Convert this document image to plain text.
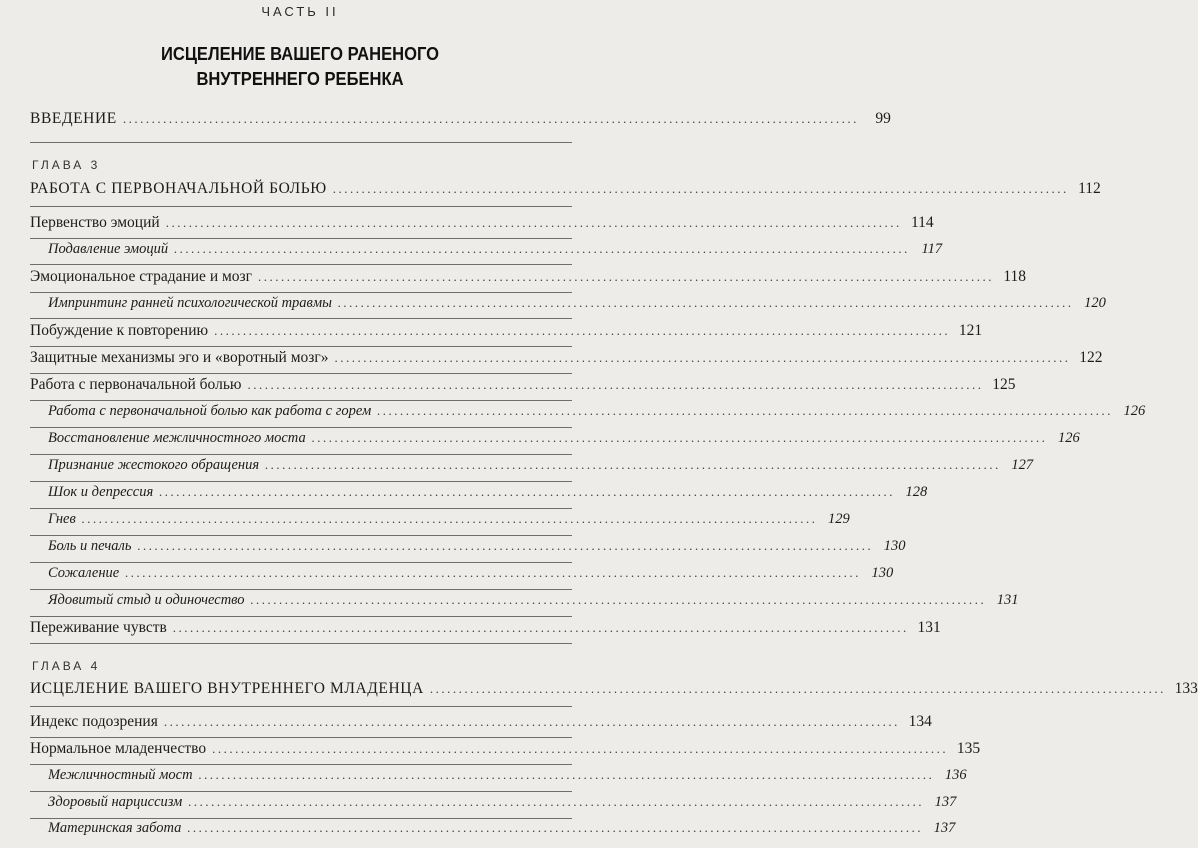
ЧАСТЬ II
ИСЦЕЛЕНИЕ ВАШЕГО РАНЕНОГО
ВНУТРЕННЕГО РЕБЕНКА
ВВЕДЕНИЕ ................................................................................................................................	99
ГЛАВА 3
РАБОТА С ПЕРВОНАЧАЛЬНОЙ БОЛЬЮ ................................................................................................................................ 112
Первенство эмоций ................................................................................................................................ 114
Подавление эмоций ................................................................................................................................ 117
Эмоциональное страдание и мозг ................................................................................................................................ 118
Импринтинг ранней психологической травмы ................................................................................................................................ 120
Побуждение к повторению ................................................................................................................................ 121
Защитные механизмы эго и «воротный мозг» ................................................................................................................................ 122
Работа с первоначальной болью ................................................................................................................................ 125
Работа с первоначальной болью как работа с горем ................................................................................................................................ 126
Восстановление межличностного моста ................................................................................................................................ 126
Признание жестокого обращения ................................................................................................................................ 127
Шок и депрессия ................................................................................................................................ 128
Гнев ................................................................................................................................ 129
Боль и печаль ................................................................................................................................ 130
Сожаление ................................................................................................................................ 130
Ядовитый стыд и одиночество ................................................................................................................................ 131
Переживание чувств ................................................................................................................................ 131
ГЛАВА 4
ИСЦЕЛЕНИЕ ВАШЕГО ВНУТРЕННЕГО МЛАДЕНЦА ................................................................................................................................ 133
Индекс подозрения ................................................................................................................................ 134
Нормальное младенчество ................................................................................................................................ 135
Межличностный мост ................................................................................................................................ 136
Здоровый нарциссизм ................................................................................................................................ 137
Материнская забота ................................................................................................................................ 137
